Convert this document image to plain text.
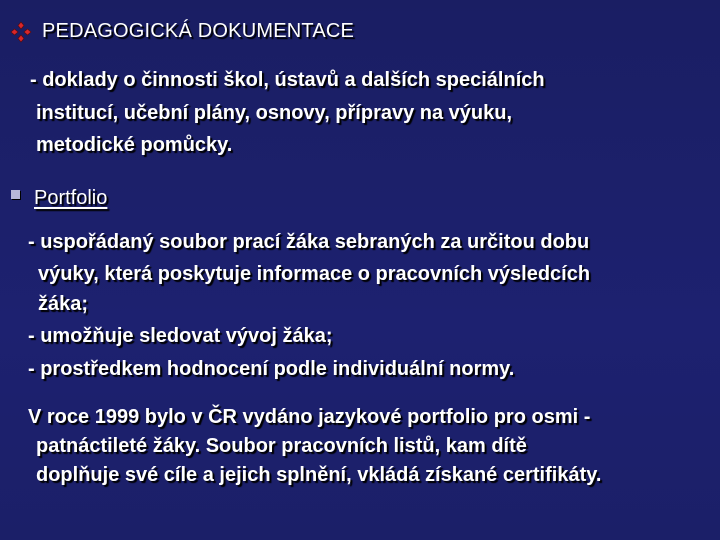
PEDAGOGICKÁ DOKUMENTACE
- doklady o činnosti škol, ústavů a dalších speciálních
institucí, učební plány, osnovy, přípravy na výuku,
metodické pomůcky.
Portfolio
- uspořádaný soubor prací žáka sebraných za určitou dobu
výuky, která poskytuje informace o pracovních výsledcích
žáka;
- umožňuje sledovat vývoj žáka;
- prostředkem hodnocení podle individuální normy.
V roce 1999 bylo v ČR vydáno jazykové portfolio pro osmi -
patnáctileté žáky. Soubor pracovních listů, kam dítě
doplňuje své cíle a jejich splnění, vkládá získané certifikáty.
